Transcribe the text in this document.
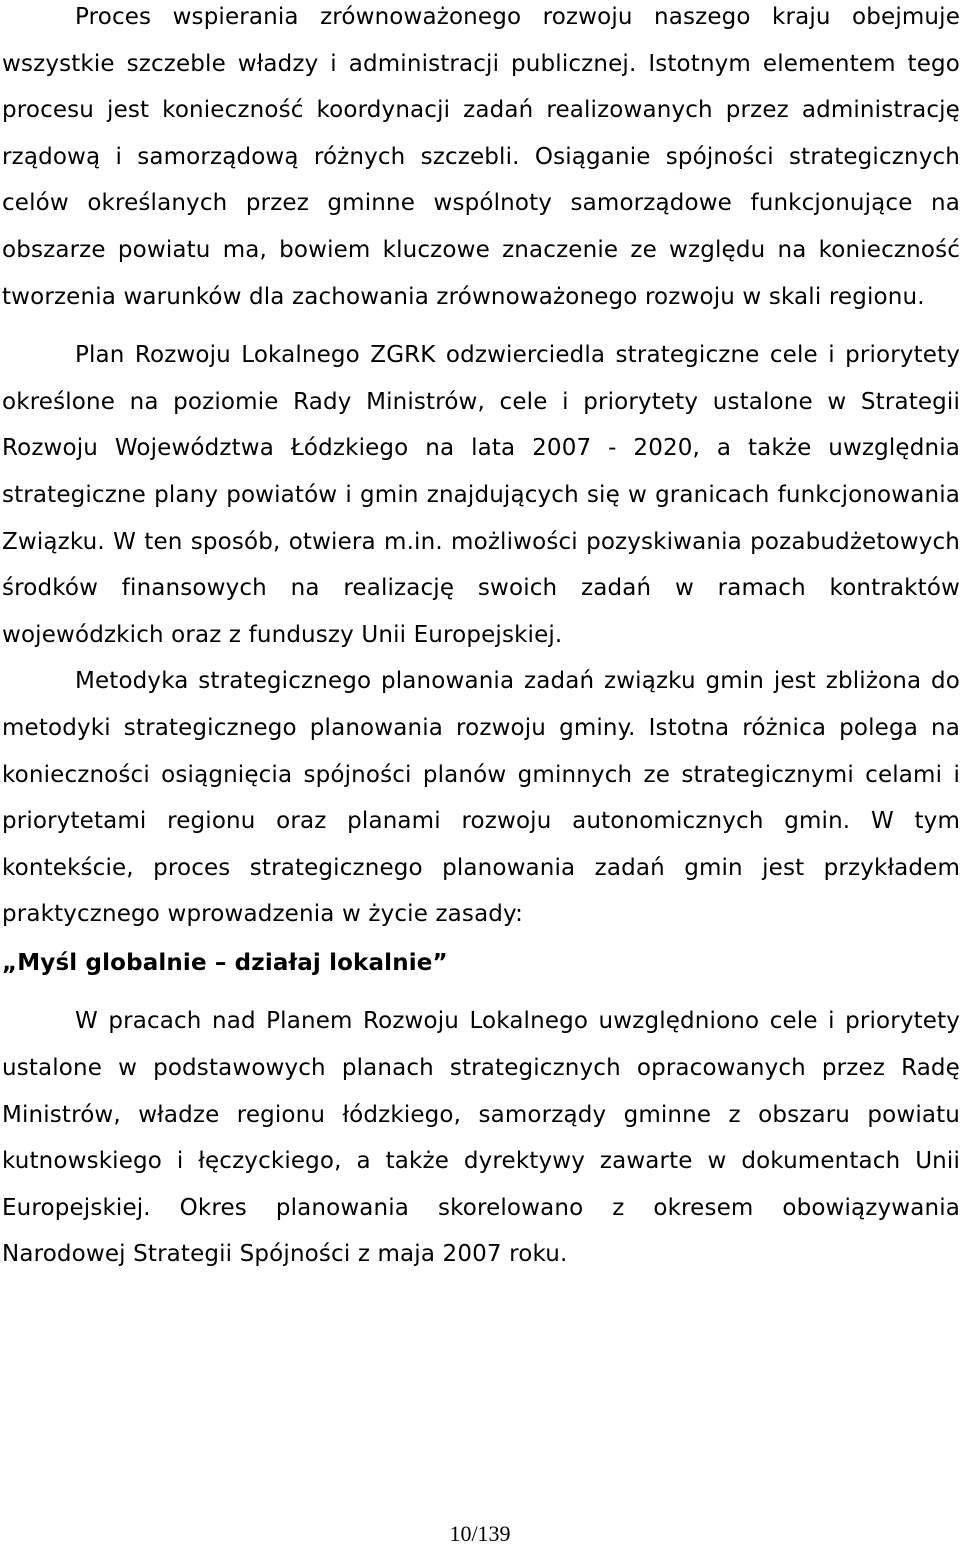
Proces wspierania zrównoważonego rozwoju naszego kraju obejmuje wszystkie szczeble władzy i administracji publicznej. Istotnym elementem tego procesu jest konieczność koordynacji zadań realizowanych przez administrację rządową i samorządową różnych szczebli. Osiąganie spójności strategicznych celów określanych przez gminne wspólnoty samorządowe funkcjonujące na obszarze powiatu ma, bowiem kluczowe znaczenie ze względu na konieczność tworzenia warunków dla zachowania zrównoważonego rozwoju w skali regionu.

Plan Rozwoju Lokalnego ZGRK odzwierciedla strategiczne cele i priorytety określone na poziomie Rady Ministrów, cele i priorytety ustalone w Strategii Rozwoju Województwa Łódzkiego na lata 2007 - 2020, a także uwzględnia strategiczne plany powiatów i gmin znajdujących się w granicach funkcjonowania Związku. W ten sposób, otwiera m.in. możliwości pozyskiwania pozabudżetowych środków finansowych na realizację swoich zadań w ramach kontraktów wojewódzkich oraz z funduszy Unii Europejskiej.

Metodyka strategicznego planowania zadań związku gmin jest zbliżona do metodyki strategicznego planowania rozwoju gminy. Istotna różnica polega na konieczności osiągnięcia spójności planów gminnych ze strategicznymi celami i priorytetami regionu oraz planami rozwoju autonomicznych gmin. W tym kontekście, proces strategicznego planowania zadań gmin jest przykładem praktycznego wprowadzenia w życie zasady:

„Myśl globalnie – działaj lokalnie”

W pracach nad Planem Rozwoju Lokalnego uwzględniono cele i priorytety ustalone w podstawowych planach strategicznych opracowanych przez Radę Ministrów, władze regionu łódzkiego, samorządy gminne z obszaru powiatu kutnowskiego i łęczyckiego, a także dyrektywy zawarte w dokumentach Unii Europejskiej. Okres planowania skorelowano z okresem obowiązywania Narodowej Strategii Spójności z maja 2007 roku.

10/139
